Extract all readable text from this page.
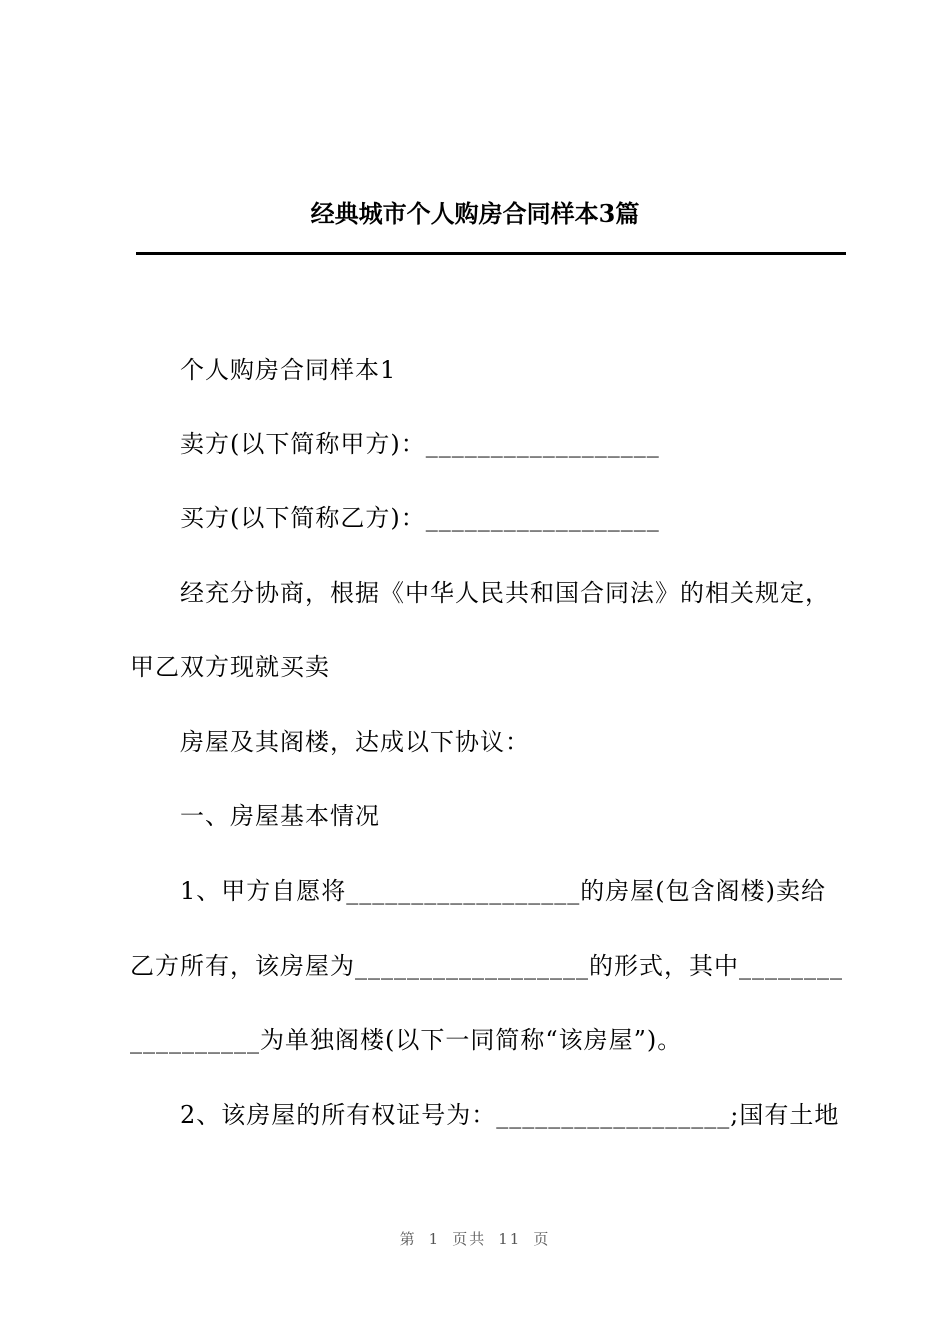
经典城市个人购房合同样本3篇
个人购房合同样本1
卖方(以下简称甲方)：__________________
买方(以下简称乙方)：__________________
经充分协商，根据《中华人民共和国合同法》的相关规定，
甲乙双方现就买卖
房屋及其阁楼，达成以下协议：
一、房屋基本情况
1、甲方自愿将__________________的房屋(包含阁楼)卖给
乙方所有，该房屋为__________________的形式，其中________
__________为单独阁楼(以下一同简称“该房屋”)。
2、该房屋的所有权证号为：__________________;国有土地
第 1 页共 11 页
